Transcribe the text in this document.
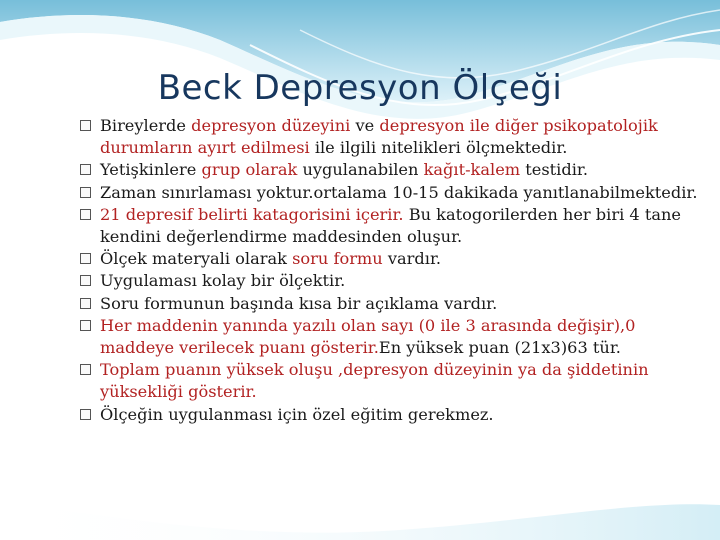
Beck Depresyon Ölçeği
Bireylerde depresyon düzeyini ve depresyon ile diğer psikopatolojik durumların ayırt edilmesi ile ilgili nitelikleri ölçmektedir.
Yetişkinlere grup olarak uygulanabilen kağıt-kalem testidir.
Zaman sınırlaması yoktur.ortalama 10-15 dakikada yanıtlanabilmektedir.
21 depresif belirti katagorisini içerir. Bu katogorilerden her biri 4 tane kendini değerlendirme maddesinden oluşur.
Ölçek materyali olarak soru formu vardır.
Uygulaması kolay bir ölçektir.
Soru formunun başında kısa bir açıklama vardır.
Her maddenin yanında yazılı olan sayı (0 ile 3 arasında değişir),0 maddeye verilecek puanı gösterir.En yüksek puan (21x3)63 tür.
Toplam puanın yüksek oluşu ,depresyon düzeyinin ya da şiddetinin yüksekliği gösterir.
Ölçeğin uygulanması için özel eğitim gerekmez.
